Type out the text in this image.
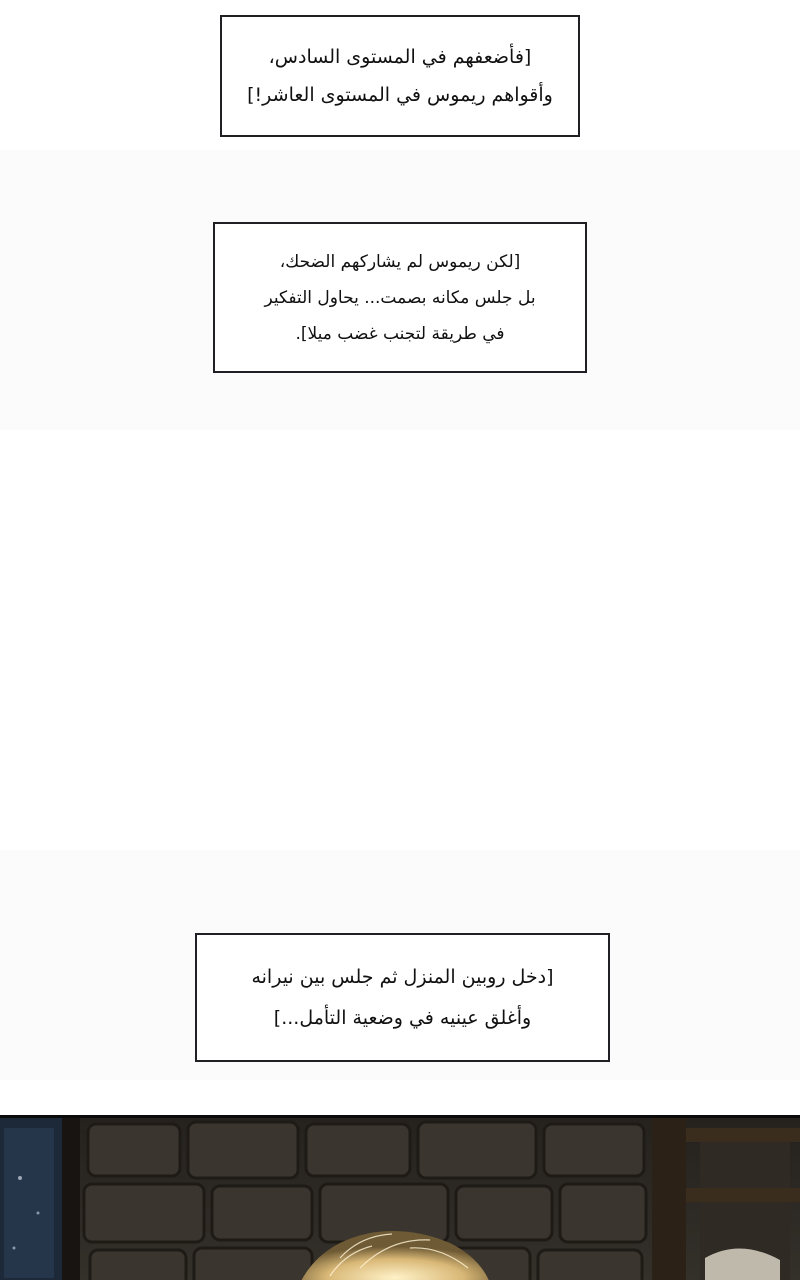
[فأضعفهم في المستوى السادس،
وأقواهم ريموس في المستوى العاشر!]
[لكن ريموس لم يشاركهم الضحك،
بل جلس مكانه بصمت... يحاول التفكير
في طريقة لتجنب غضب ميلا].
[دخل روبين المنزل ثم جلس بين نيرانه
وأغلق عينيه في وضعية التأمل...]
